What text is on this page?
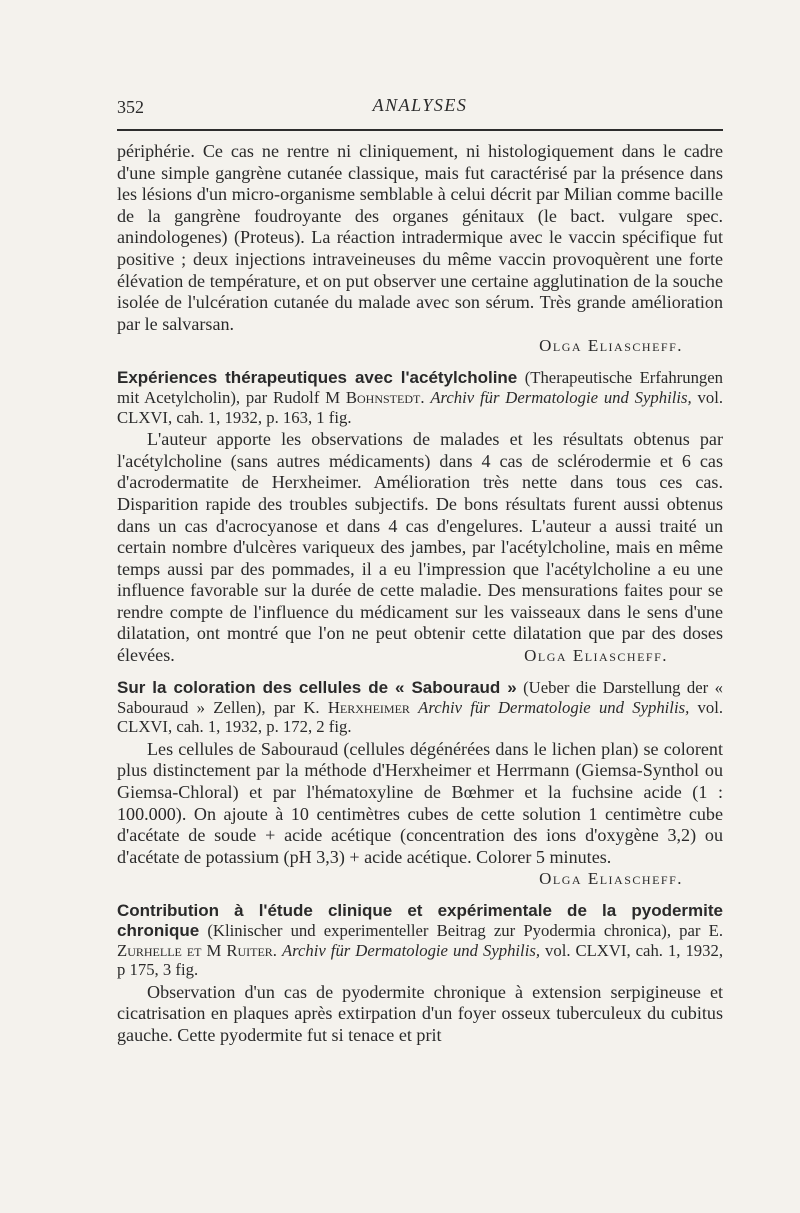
352	ANALYSES

périphérie. Ce cas ne rentre ni cliniquement, ni histologiquement dans le cadre d'une simple gangrène cutanée classique, mais fut caractérisé par la présence dans les lésions d'un micro-organisme semblable à celui décrit par Milian comme bacille de la gangrène foudroyante des organes génitaux (le bact. vulgare spec. anindologenes) (Proteus). La réaction intradermique avec le vaccin spécifique fut positive ; deux injections intraveineuses du même vaccin provoquèrent une forte élévation de température, et on put observer une certaine agglutination de la souche isolée de l'ulcération cutanée du malade avec son sérum. Très grande amélioration par le salvarsan.

Olga Eliascheff.

Expériences thérapeutiques avec l'acétylcholine (Therapeutische Erfahrungen mit Acetylcholin), par Rudolf M Bohnstedt. Archiv für Dermatologie und Syphilis, vol. CLXVI, cah. 1, 1932, p. 163, 1 fig.

L'auteur apporte les observations de malades et les résultats obtenus par l'acétylcholine (sans autres médicaments) dans 4 cas de sclérodermie et 6 cas d'acrodermatite de Herxheimer. Amélioration très nette dans tous ces cas. Disparition rapide des troubles subjectifs. De bons résultats furent aussi obtenus dans un cas d'acrocyanose et dans 4 cas d'engelures. L'auteur a aussi traité un certain nombre d'ulcères variqueux des jambes, par l'acétylcholine, mais en même temps aussi par des pommades, il a eu l'impression que l'acétylcholine a eu une influence favorable sur la durée de cette maladie. Des mensurations faites pour se rendre compte de l'influence du médicament sur les vaisseaux dans le sens d'une dilatation, ont montré que l'on ne peut obtenir cette dilatation que par des doses élevées.	Olga Eliascheff.

Sur la coloration des cellules de « Sabouraud » (Ueber die Darstellung der « Sabouraud » Zellen), par K. Herxheimer Archiv für Dermatologie und Syphilis, vol. CLXVI, cah. 1, 1932, p. 172, 2 fig.

Les cellules de Sabouraud (cellules dégénérées dans le lichen plan) se colorent plus distinctement par la méthode d'Herxheimer et Herrmann (Giemsa-Synthol ou Giemsa-Chloral) et par l'hématoxyline de Bœhmer et la fuchsine acide (1 : 100.000). On ajoute à 10 centimètres cubes de cette solution 1 centimètre cube d'acétate de soude + acide acétique (concentration des ions d'oxygène 3,2) ou d'acétate de potassium (pH 3,3) + acide acétique. Colorer 5 minutes.

Olga Eliascheff.

Contribution à l'étude clinique et expérimentale de la pyodermite chronique (Klinischer und experimenteller Beitrag zur Pyodermia chronica), par E. Zurhelle et M Ruiter. Archiv für Dermatologie und Syphilis, vol. CLXVI, cah. 1, 1932, p 175, 3 fig.

Observation d'un cas de pyodermite chronique à extension serpigineuse et cicatrisation en plaques après extirpation d'un foyer osseux tuberculeux du cubitus gauche. Cette pyodermite fut si tenace et prit
